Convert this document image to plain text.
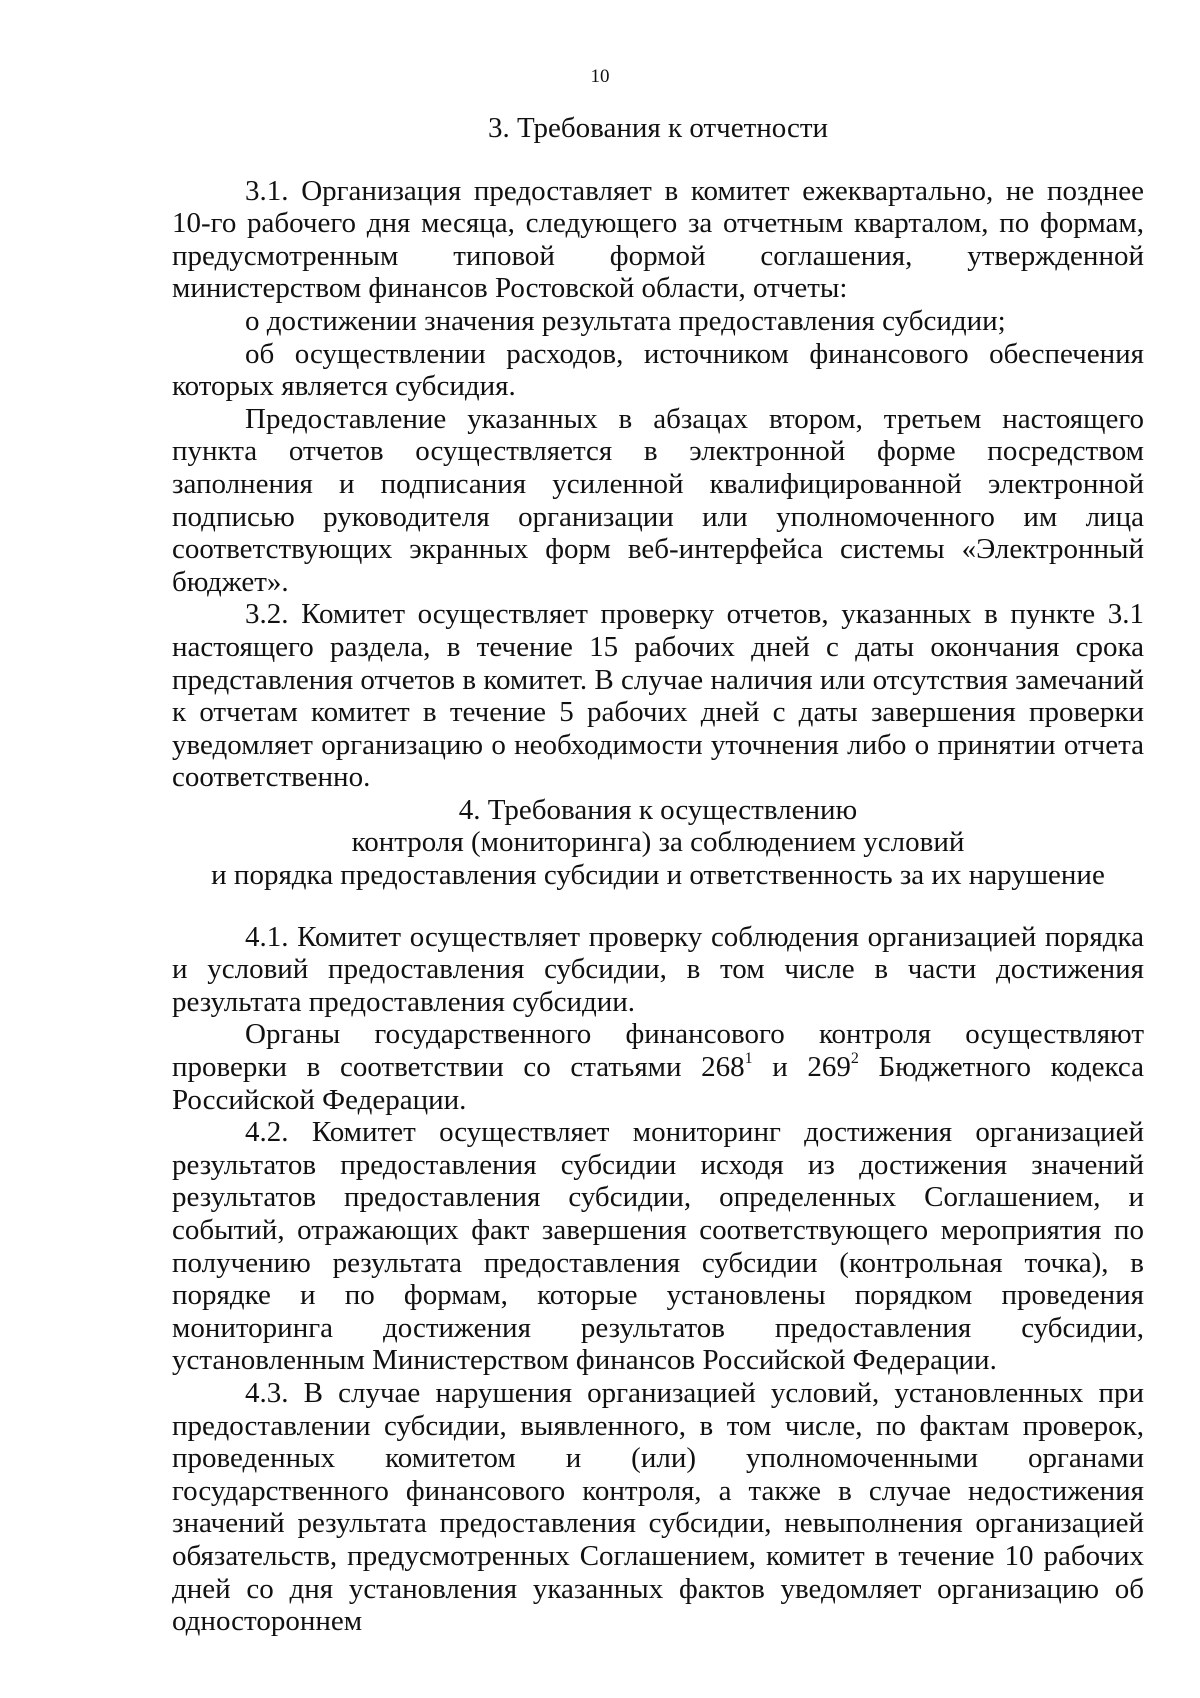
10
3. Требования к отчетности

3.1. Организация предоставляет в комитет ежеквартально, не позднее 10-го рабочего дня месяца, следующего за отчетным кварталом, по формам, предусмотренным типовой формой соглашения, утвержденной министерством финансов Ростовской области, отчеты:

о достижении значения результата предоставления субсидии;

об осуществлении расходов, источником финансового обеспечения которых является субсидия.

Предоставление указанных в абзацах втором, третьем настоящего пункта отчетов осуществляется в электронной форме посредством заполнения и подписания усиленной квалифицированной электронной подписью руководителя организации или уполномоченного им лица соответствующих экранных форм веб-интерфейса системы «Электронный бюджет».

3.2. Комитет осуществляет проверку отчетов, указанных в пункте 3.1 настоящего раздела, в течение 15 рабочих дней с даты окончания срока представления отчетов в комитет. В случае наличия или отсутствия замечаний к отчетам комитет в течение 5 рабочих дней с даты завершения проверки уведомляет организацию о необходимости уточнения либо о принятии отчета соответственно.

4. Требования к осуществлению
контроля (мониторинга) за соблюдением условий
и порядка предоставления субсидии и ответственность за их нарушение

4.1. Комитет осуществляет проверку соблюдения организацией порядка и условий предоставления субсидии, в том числе в части достижения результата предоставления субсидии.

Органы государственного финансового контроля осуществляют проверки в соответствии со статьями $268^1$ и $269^2$ Бюджетного кодекса Российской Федерации.

4.2. Комитет осуществляет мониторинг достижения организацией результатов предоставления субсидии исходя из достижения значений результатов предоставления субсидии, определенных Соглашением, и событий, отражающих факт завершения соответствующего мероприятия по получению результата предоставления субсидии (контрольная точка), в порядке и по формам, которые установлены порядком проведения мониторинга достижения результатов предоставления субсидии, установленным Министерством финансов Российской Федерации.

4.3. В случае нарушения организацией условий, установленных при предоставлении субсидии, выявленного, в том числе, по фактам проверок, проведенных комитетом и (или) уполномоченными органами государственного финансового контроля, а также в случае недостижения значений результата предоставления субсидии, невыполнения организацией обязательств, предусмотренных Соглашением, комитет в течение 10 рабочих дней со дня установления указанных фактов уведомляет организацию об одностороннем
